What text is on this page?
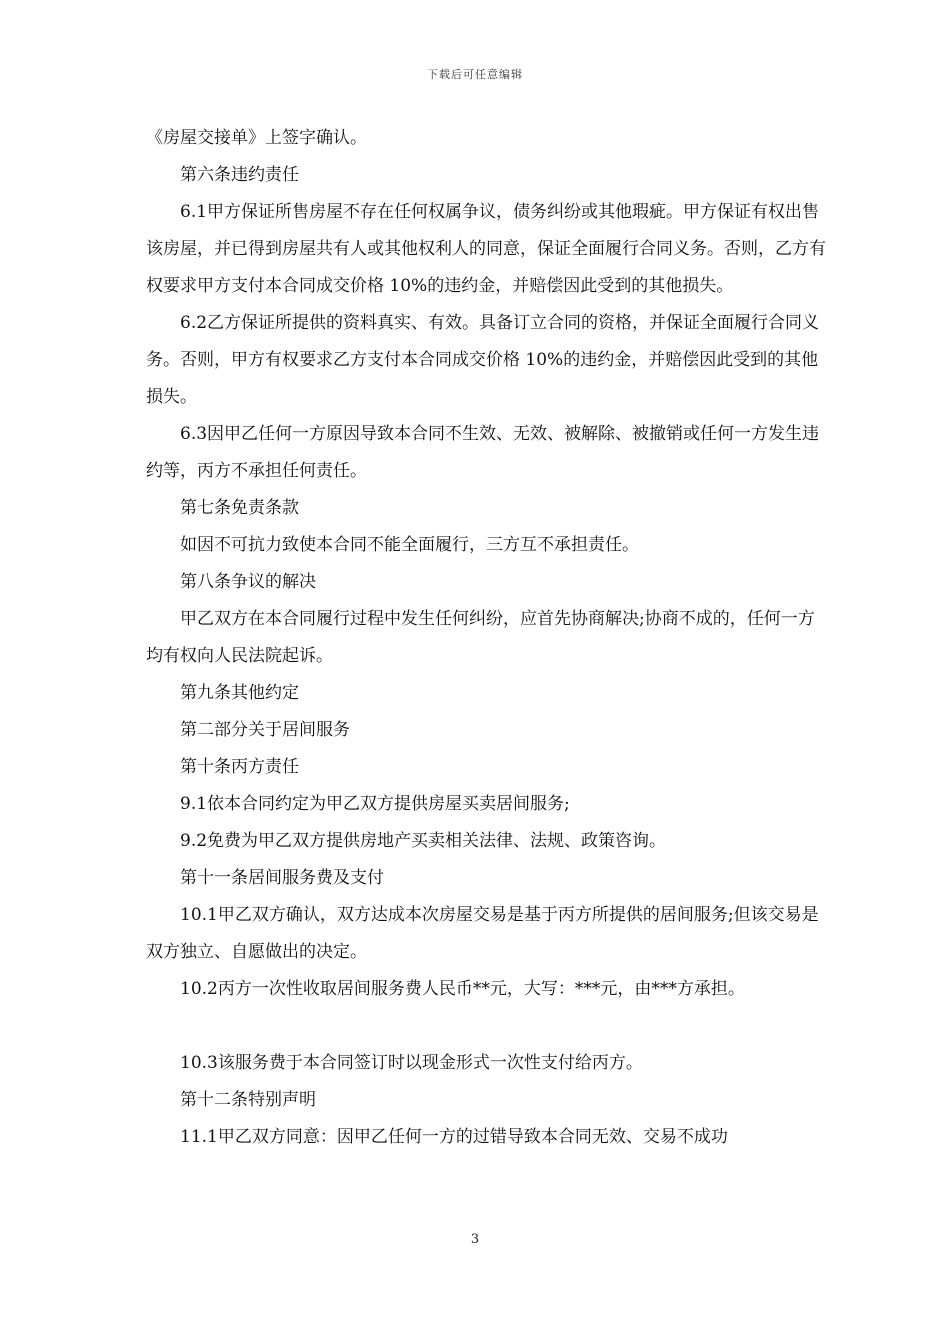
下载后可任意编辑

《房屋交接单》上签字确认。

第六条违约责任

6.1甲方保证所售房屋不存在任何权属争议，债务纠纷或其他瑕疵。甲方保证有权出售该房屋，并已得到房屋共有人或其他权利人的同意，保证全面履行合同义务。否则，乙方有权要求甲方支付本合同成交价格 10%的违约金，并赔偿因此受到的其他损失。

6.2乙方保证所提供的资料真实、有效。具备订立合同的资格，并保证全面履行合同义务。否则，甲方有权要求乙方支付本合同成交价格 10%的违约金，并赔偿因此受到的其他损失。

6.3因甲乙任何一方原因导致本合同不生效、无效、被解除、被撤销或任何一方发生违约等，丙方不承担任何责任。

第七条免责条款

如因不可抗力致使本合同不能全面履行，三方互不承担责任。

第八条争议的解决

甲乙双方在本合同履行过程中发生任何纠纷，应首先协商解决;协商不成的，任何一方均有权向人民法院起诉。

第九条其他约定

第二部分关于居间服务

第十条丙方责任

9.1依本合同约定为甲乙双方提供房屋买卖居间服务;

9.2免费为甲乙双方提供房地产买卖相关法律、法规、政策咨询。

第十一条居间服务费及支付

10.1甲乙双方确认，双方达成本次房屋交易是基于丙方所提供的居间服务;但该交易是双方独立、自愿做出的决定。

10.2丙方一次性收取居间服务费人民币**元，大写：***元，由***方承担。

10.3该服务费于本合同签订时以现金形式一次性支付给丙方。

第十二条特别声明

11.1甲乙双方同意：因甲乙任何一方的过错导致本合同无效、交易不成功

3
